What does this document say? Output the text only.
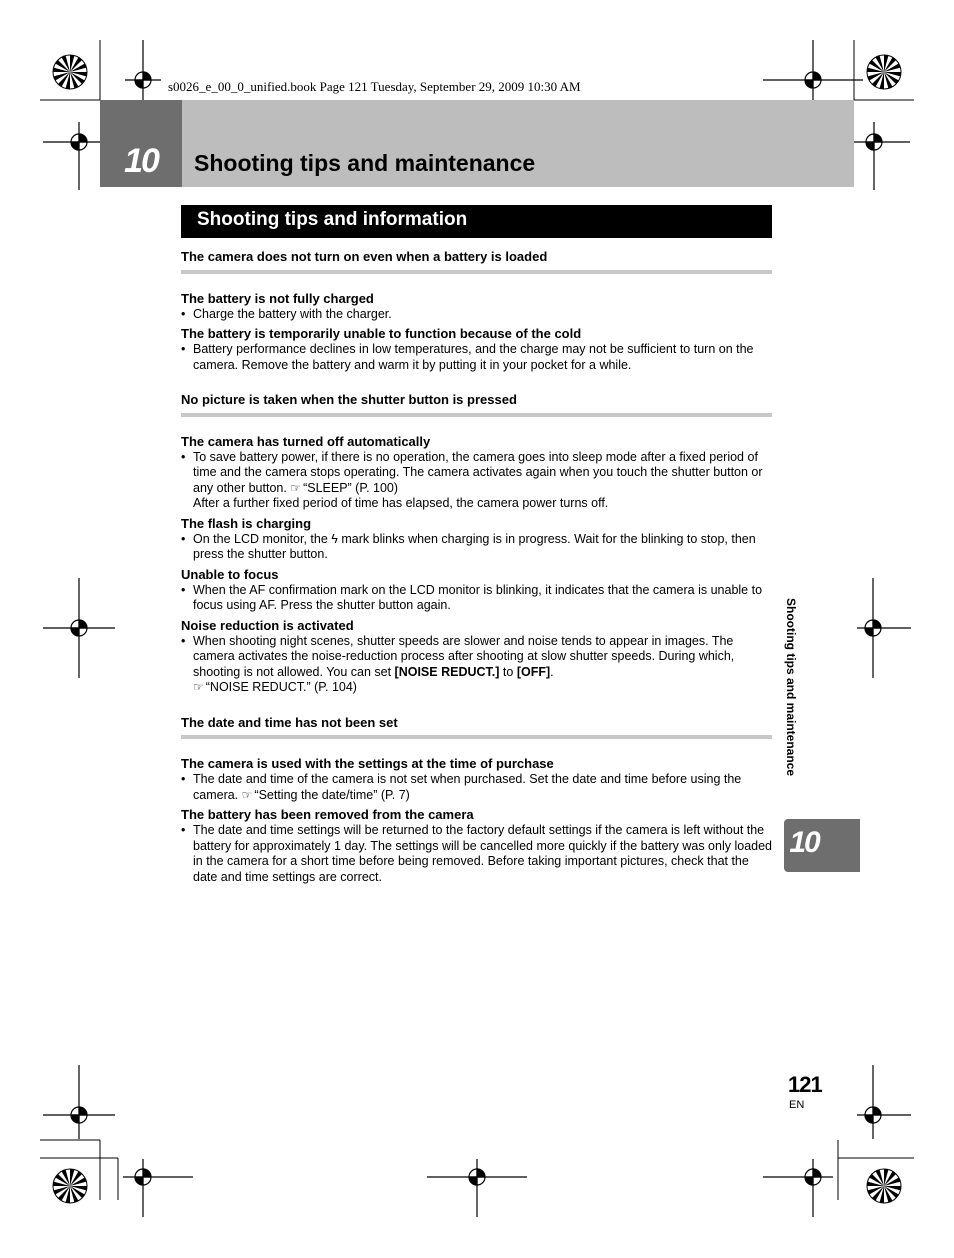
s0026_e_00_0_unified.book Page 121 Tuesday, September 29, 2009 10:30 AM
10	Shooting tips and maintenance
Shooting tips and information
The camera does not turn on even when a battery is loaded
The battery is not fully charged
• Charge the battery with the charger.
The battery is temporarily unable to function because of the cold
• Battery performance declines in low temperatures, and the charge may not be sufficient to turn on the camera. Remove the battery and warm it by putting it in your pocket for a while.
No picture is taken when the shutter button is pressed
The camera has turned off automatically
• To save battery power, if there is no operation, the camera goes into sleep mode after a fixed period of time and the camera stops operating. The camera activates again when you touch the shutter button or any other button. ☞ “SLEEP” (P. 100)
After a further fixed period of time has elapsed, the camera power turns off.
The flash is charging
• On the LCD monitor, the ϟ mark blinks when charging is in progress. Wait for the blinking to stop, then press the shutter button.
Unable to focus
• When the AF confirmation mark on the LCD monitor is blinking, it indicates that the camera is unable to focus using AF. Press the shutter button again.
Noise reduction is activated
• When shooting night scenes, shutter speeds are slower and noise tends to appear in images. The camera activates the noise-reduction process after shooting at slow shutter speeds. During which, shooting is not allowed. You can set [NOISE REDUCT.] to [OFF].
☞ “NOISE REDUCT.” (P. 104)
The date and time has not been set
The camera is used with the settings at the time of purchase
• The date and time of the camera is not set when purchased. Set the date and time before using the camera. ☞ “Setting the date/time” (P. 7)
The battery has been removed from the camera
• The date and time settings will be returned to the factory default settings if the camera is left without the battery for approximately 1 day. The settings will be cancelled more quickly if the battery was only loaded in the camera for a short time before being removed. Before taking important pictures, check that the date and time settings are correct.
Shooting tips and maintenance
10
121
EN
